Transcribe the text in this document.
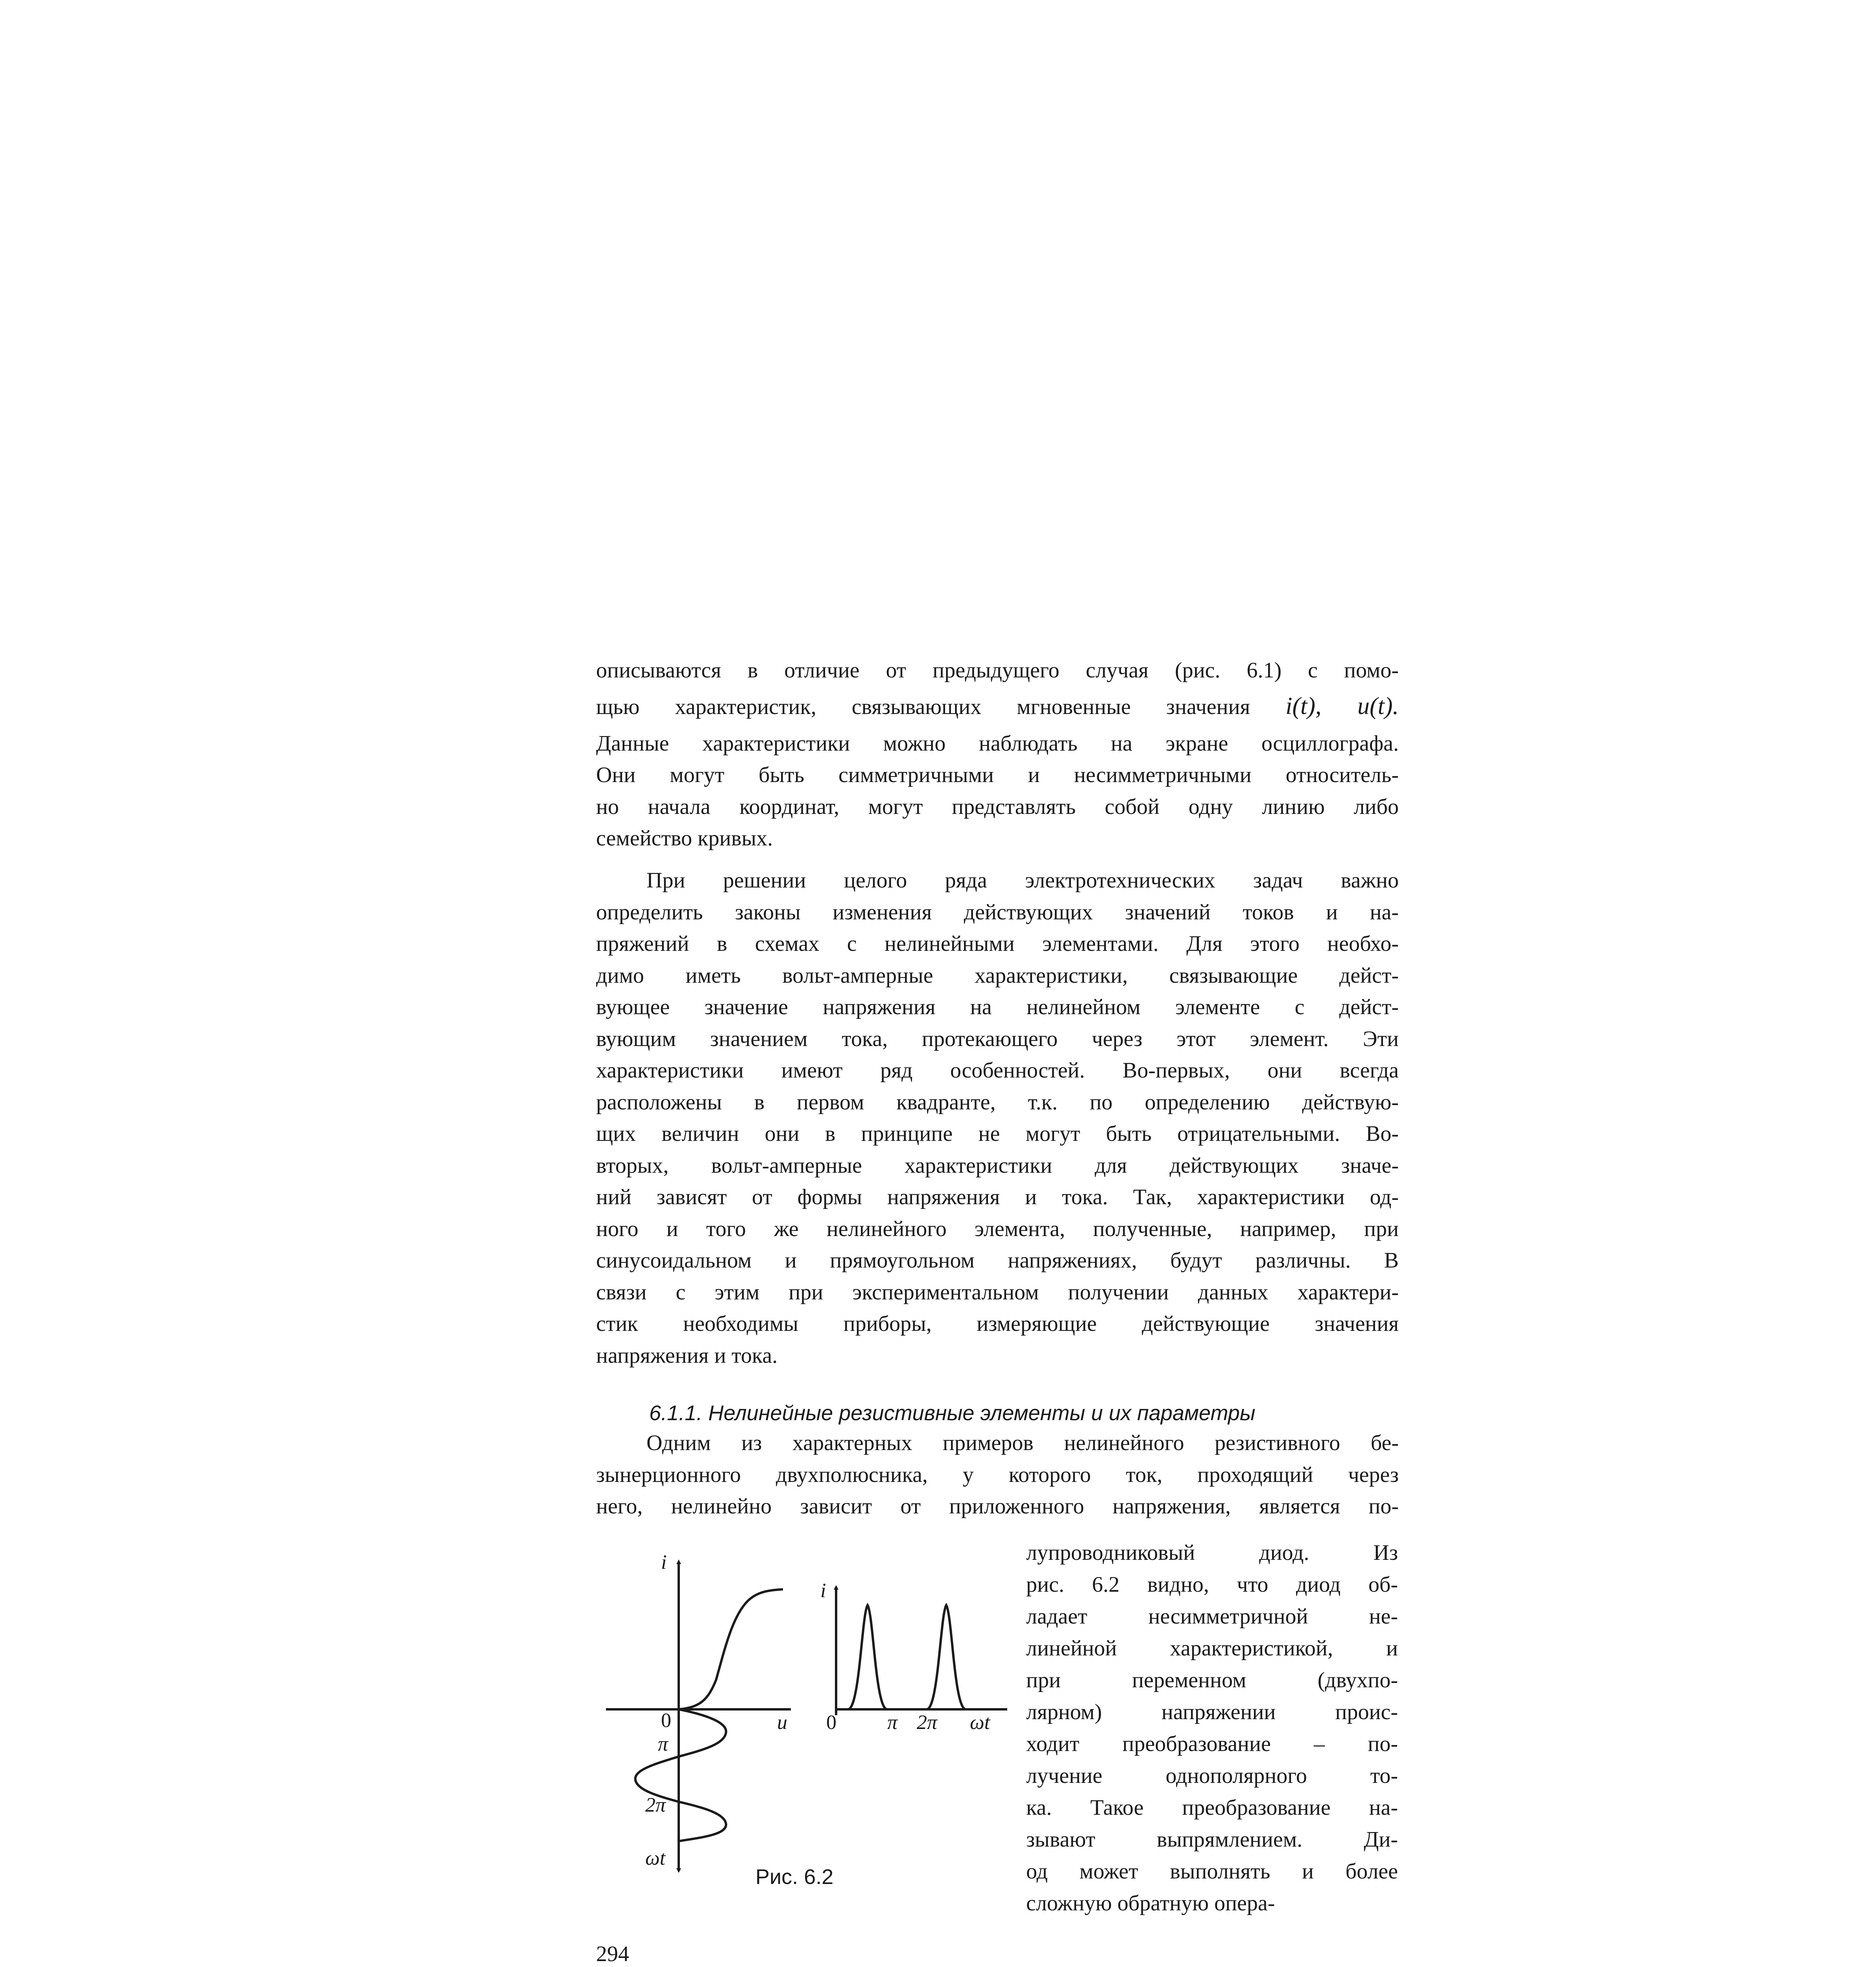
описываются в отличие от предыдущего случая (рис. 6.1) с помо-
щью характеристик, связывающих мгновенные значения i(t), u(t).
Данные характеристики можно наблюдать на экране осциллографа.
Они могут быть симметричными и несимметричными относитель-
но начала координат, могут представлять собой одну линию либо
семейство кривых.
При решении целого ряда электротехнических задач важно
определить законы изменения действующих значений токов и на-
пряжений в схемах с нелинейными элементами. Для этого необхо-
димо иметь вольт-амперные характеристики, связывающие дейст-
вующее значение напряжения на нелинейном элементе с дейст-
вующим значением тока, протекающего через этот элемент. Эти
характеристики имеют ряд особенностей. Во-первых, они всегда
расположены в первом квадранте, т.к. по определению действую-
щих величин они в принципе не могут быть отрицательными. Во-
вторых, вольт-амперные характеристики для действующих значе-
ний зависят от формы напряжения и тока. Так, характеристики од-
ного и того же нелинейного элемента, полученные, например, при
синусоидальном и прямоугольном напряжениях, будут различны. В
связи с этим при экспериментальном получении данных характери-
стик необходимы приборы, измеряющие действующие значения
напряжения и тока.
6.1.1. Нелинейные резистивные элементы и их параметры
Одним из характерных примеров нелинейного резистивного бе-
зынерционного двухполюсника, у которого ток, проходящий через
него, нелинейно зависит от приложенного напряжения, является по-
лупроводниковый диод. Из
рис. 6.2 видно, что диод об-
ладает несимметричной не-
линейной характеристикой, и
при переменном (двухпо-
лярном) напряжении проис-
ходит преобразование – по-
лучение однополярного то-
ка. Такое преобразование на-
зывают выпрямлением. Ди-
од может выполнять и более
сложную обратную опера-
i
u
0
π
2π
ωt
i
0 π 2π ωt
Рис. 6.2
294
